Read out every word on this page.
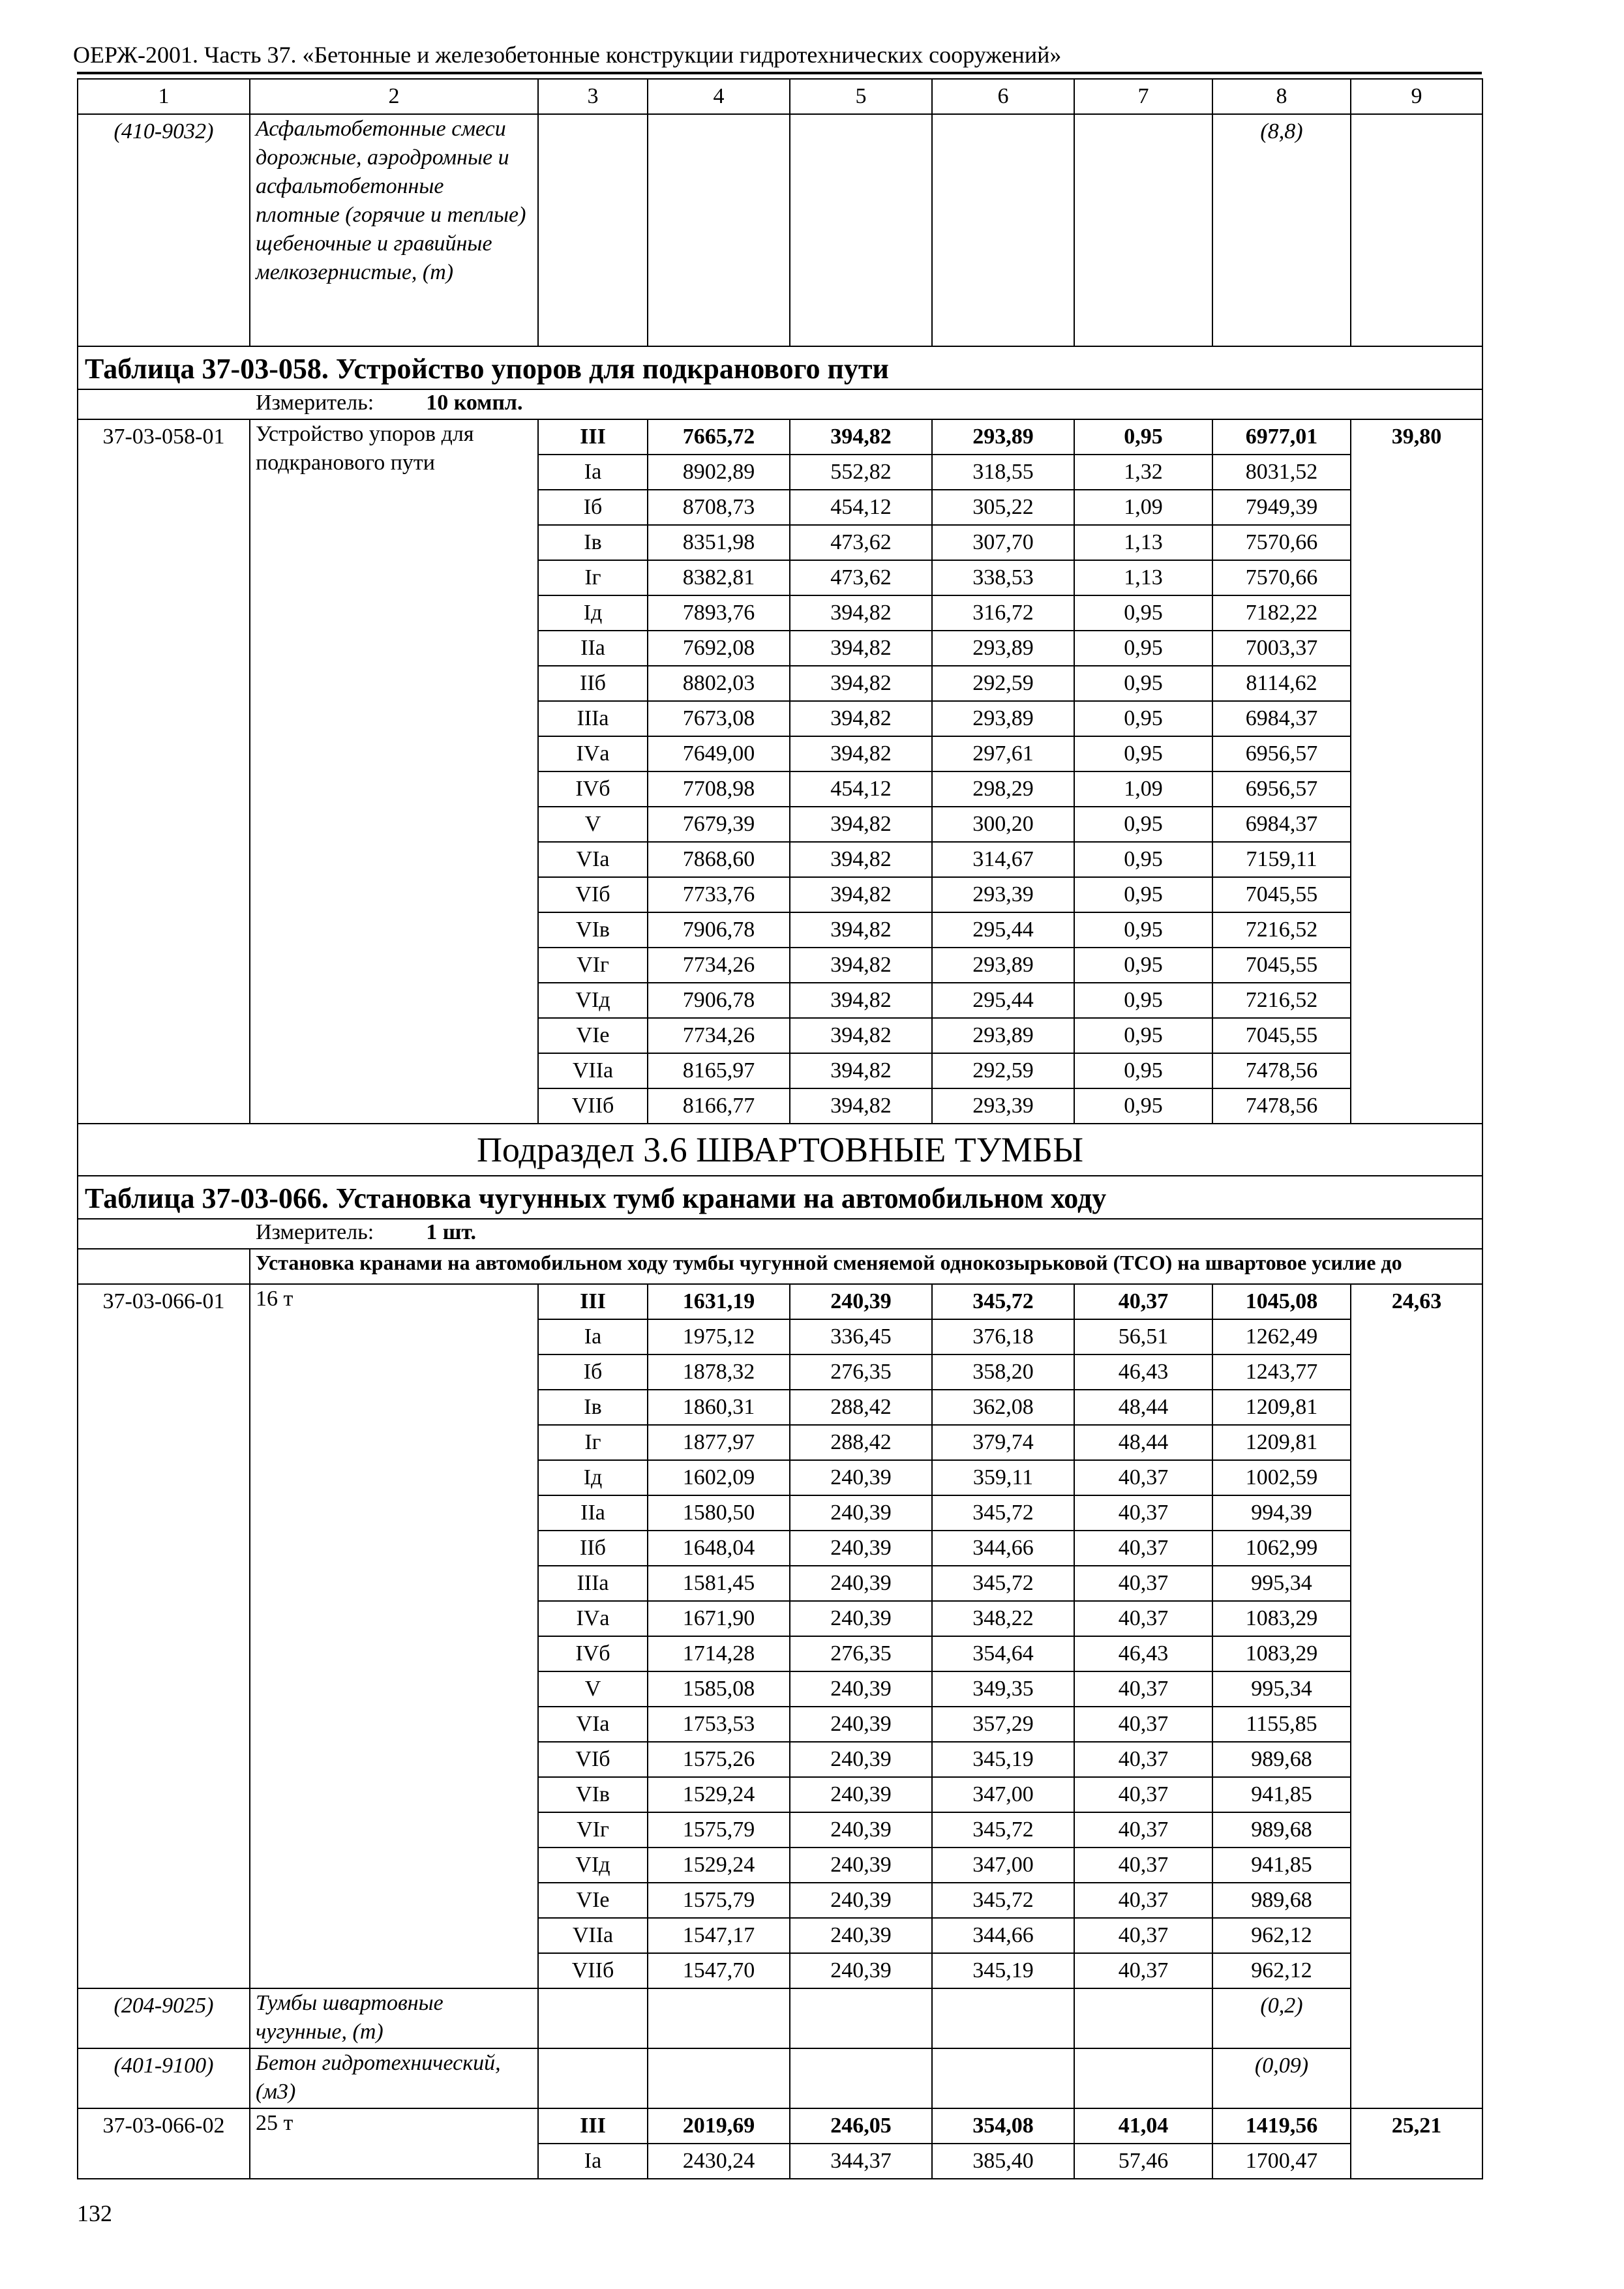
ОЕРЖ-2001. Часть 37. «Бетонные и железобетонные конструкции гидротехнических сооружений»
1	2	3	4	5	6	7	8	9
(410-9032)	Асфальтобетонные смеси дорожные, аэродромные и асфальтобетонные плотные (горячие и теплые) щебеночные и гравийные мелкозернистые, (т)						(8,8)	
Таблица 37-03-058. Устройство упоров для подкранового пути								
Измеритель: 10 компл.								
37-03-058-01	Устройство упоров для подкранового пути	III	7665,72	394,82	293,89	0,95	6977,01	39,80
		Iа	8902,89	552,82	318,55	1,32	8031,52	
		Iб	8708,73	454,12	305,22	1,09	7949,39	
		Iв	8351,98	473,62	307,70	1,13	7570,66	
		Iг	8382,81	473,62	338,53	1,13	7570,66	
		Iд	7893,76	394,82	316,72	0,95	7182,22	
		IIа	7692,08	394,82	293,89	0,95	7003,37	
		IIб	8802,03	394,82	292,59	0,95	8114,62	
		IIIа	7673,08	394,82	293,89	0,95	6984,37	
		IVа	7649,00	394,82	297,61	0,95	6956,57	
		IVб	7708,98	454,12	298,29	1,09	6956,57	
		V	7679,39	394,82	300,20	0,95	6984,37	
		VIа	7868,60	394,82	314,67	0,95	7159,11	
		VIб	7733,76	394,82	293,39	0,95	7045,55	
		VIв	7906,78	394,82	295,44	0,95	7216,52	
		VIг	7734,26	394,82	293,89	0,95	7045,55	
		VIд	7906,78	394,82	295,44	0,95	7216,52	
		VIе	7734,26	394,82	293,89	0,95	7045,55	
		VIIа	8165,97	394,82	292,59	0,95	7478,56	
		VIIб	8166,77	394,82	293,39	0,95	7478,56	
Подраздел 3.6 ШВАРТОВНЫЕ ТУМБЫ								
Таблица 37-03-066. Установка чугунных тумб кранами на автомобильном ходу								
Измеритель: 1 шт.								
	Установка кранами на автомобильном ходу тумбы чугунной сменяемой однокозырьковой (ТСО) на швартовое усилие до							
37-03-066-01	16 т	III	1631,19	240,39	345,72	40,37	1045,08	24,63
		Iа	1975,12	336,45	376,18	56,51	1262,49	
		Iб	1878,32	276,35	358,20	46,43	1243,77	
		Iв	1860,31	288,42	362,08	48,44	1209,81	
		Iг	1877,97	288,42	379,74	48,44	1209,81	
		Iд	1602,09	240,39	359,11	40,37	1002,59	
		IIа	1580,50	240,39	345,72	40,37	994,39	
		IIб	1648,04	240,39	344,66	40,37	1062,99	
		IIIа	1581,45	240,39	345,72	40,37	995,34	
		IVа	1671,90	240,39	348,22	40,37	1083,29	
		IVб	1714,28	276,35	354,64	46,43	1083,29	
		V	1585,08	240,39	349,35	40,37	995,34	
		VIа	1753,53	240,39	357,29	40,37	1155,85	
		VIб	1575,26	240,39	345,19	40,37	989,68	
		VIв	1529,24	240,39	347,00	40,37	941,85	
		VIг	1575,79	240,39	345,72	40,37	989,68	
		VIд	1529,24	240,39	347,00	40,37	941,85	
		VIе	1575,79	240,39	345,72	40,37	989,68	
		VIIа	1547,17	240,39	344,66	40,37	962,12	
		VIIб	1547,70	240,39	345,19	40,37	962,12	
(204-9025)	Тумбы швартовные чугунные, (т)						(0,2)	
(401-9100)	Бетон гидротехнический, (м3)						(0,09)	
37-03-066-02	25 т	III	2019,69	246,05	354,08	41,04	1419,56	25,21
		Iа	2430,24	344,37	385,40	57,46	1700,47	
132
